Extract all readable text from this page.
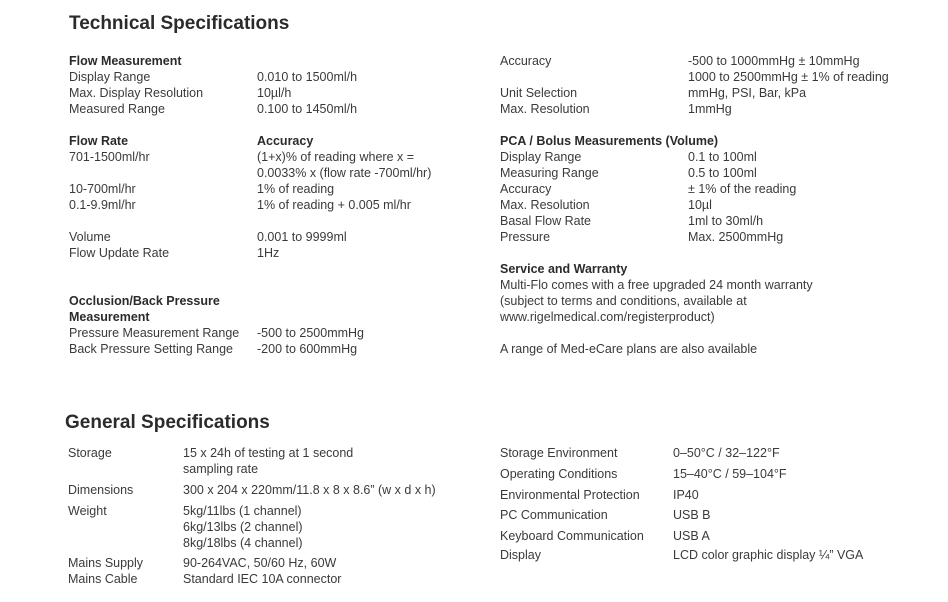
Technical Specifications
Flow Measurement
Display Range	0.010 to 1500ml/h
Max. Display Resolution	10µl/h
Measured Range	0.100 to 1450ml/h
Flow Rate	Accuracy
701-1500ml/hr	(1+x)% of reading where x =
0.0033% x (flow rate -700ml/hr)
10-700ml/hr	1% of reading
0.1-9.9ml/hr	1% of reading + 0.005 ml/hr
Volume	0.001 to 9999ml
Flow Update Rate	1Hz
Occlusion/Back Pressure
Measurement
Pressure Measurement Range -500 to 2500mmHg
Back Pressure Setting Range -200 to 600mmHg
Accuracy	-500 to 1000mmHg ± 10mmHg
1000 to 2500mmHg ± 1% of reading
Unit Selection	mmHg, PSI, Bar, kPa
Max. Resolution	1mmHg
PCA / Bolus Measurements (Volume)
Display Range	0.1 to 100ml
Measuring Range	0.5 to 100ml
Accuracy	± 1% of the reading
Max. Resolution	10µl
Basal Flow Rate	1ml to 30ml/h
Pressure	Max. 2500mmHg
Service and Warranty
Multi-Flo comes with a free upgraded 24 month warranty
(subject to terms and conditions, available at
www.rigelmedical.com/registerproduct)
A range of Med-eCare plans are also available
General Specifications
Storage	15 x 24h of testing at 1 second
sampling rate
Dimensions	300 x 204 x 220mm/11.8 x 8 x 8.6” (w x d x h)
Weight	5kg/11lbs (1 channel)
6kg/13lbs (2 channel)
8kg/18lbs (4 channel)
Mains Supply	90-264VAC, 50/60 Hz, 60W
Mains Cable	Standard IEC 10A connector
Storage Environment	0–50°C / 32–122°F
Operating Conditions	15–40°C / 59–104°F
Environmental Protection	IP40
PC Communication	USB B
Keyboard Communication USB A
Display	LCD color graphic display ¼” VGA
